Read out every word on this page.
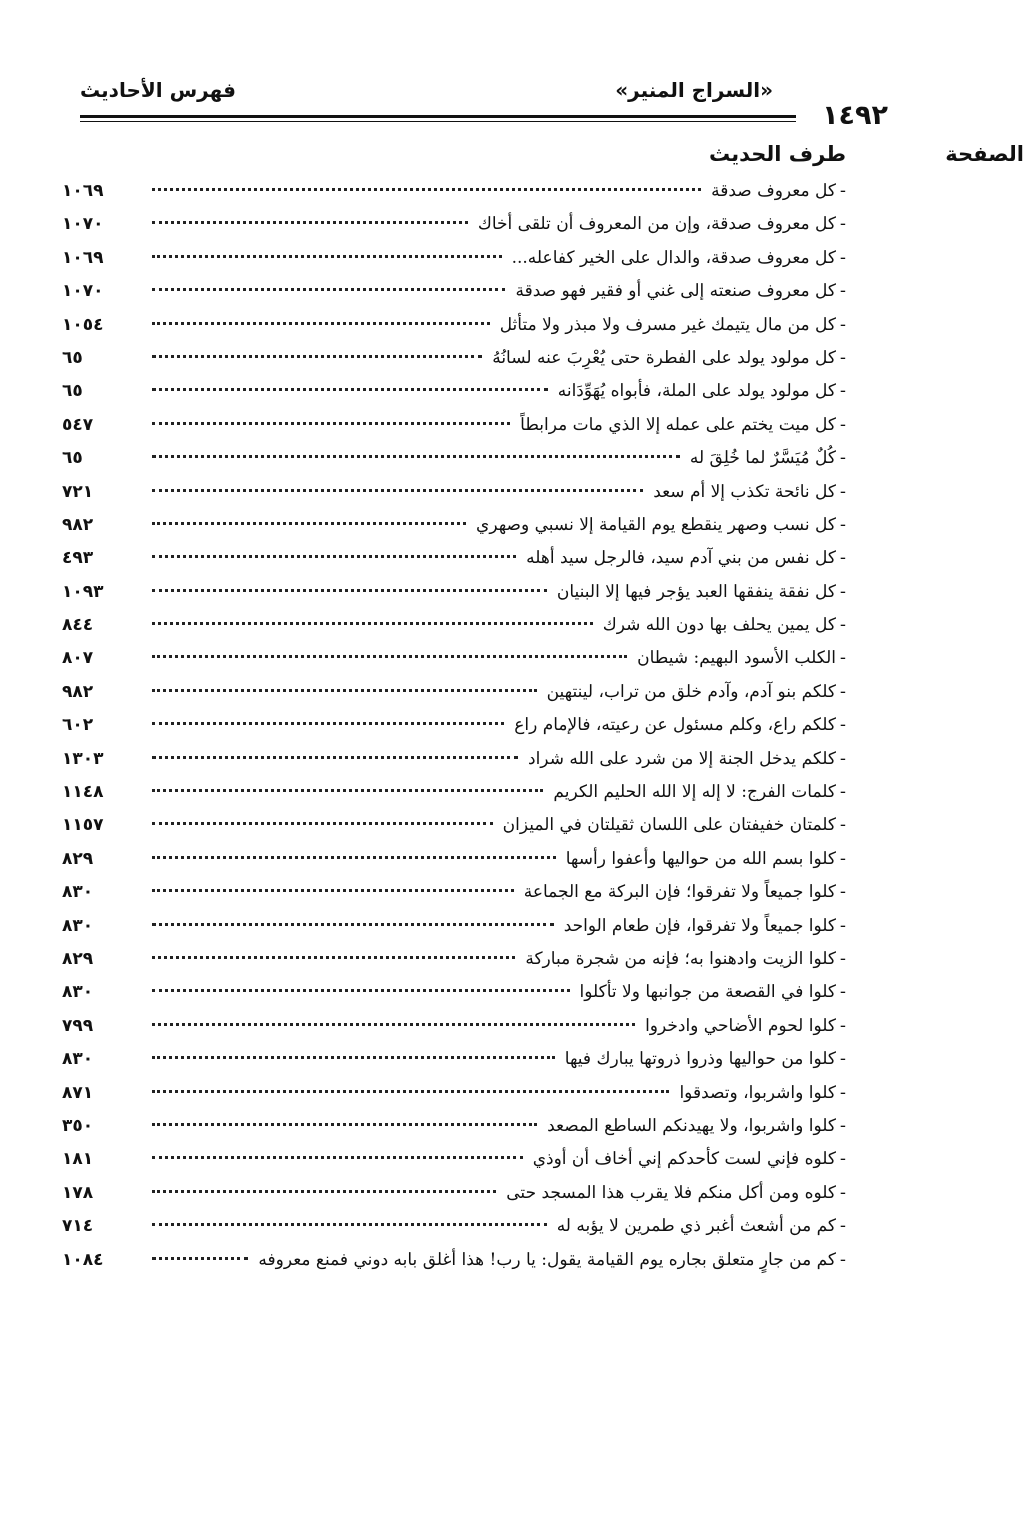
١٤٩٢
«السراج المنير»
فهرس الأحاديث
طرف الحديث	الصفحة
-
كل معروف صدقة
١٠٦٩
-
كل معروف صدقة، وإن من المعروف أن تلقى أخاك
١٠٧٠
-
كل معروف صدقة، والدال على الخير كفاعله...
١٠٦٩
-
كل معروف صنعته إلى غني أو فقير فهو صدقة
١٠٧٠
-
كل من مال يتيمك غير مسرف ولا مبذر ولا متأثل
١٠٥٤
-
كل مولود يولد على الفطرة حتى يُعْرِبَ عنه لسانُهُ
٦٥
-
كل مولود يولد على الملة، فأبواه يُهَوِّدَانه
٦٥
-
كل ميت يختم على عمله إلا الذي مات مرابطاً
٥٤٧
-
كُلٌ مُيَسَّرٌ لما خُلِقَ له
٦٥
-
كل نائحة تكذب إلا أم سعد
٧٢١
-
كل نسب وصهر ينقطع يوم القيامة إلا نسبي وصهري
٩٨٢
-
كل نفس من بني آدم سيد، فالرجل سيد أهله
٤٩٣
-
كل نفقة ينفقها العبد يؤجر فيها إلا البنيان
١٠٩٣
-
كل يمين يحلف بها دون الله شرك
٨٤٤
-
الكلب الأسود البهيم: شيطان
٨٠٧
-
كلكم بنو آدم، وآدم خلق من تراب، لينتهين
٩٨٢
-
كلكم راع، وكلم مسئول عن رعيته، فالإمام راع
٦٠٢
-
كلكم يدخل الجنة إلا من شرد على الله شراد
١٣٠٣
-
كلمات الفرج: لا إله إلا الله الحليم الكريم
١١٤٨
-
كلمتان خفيفتان على اللسان ثقيلتان في الميزان
١١٥٧
-
كلوا بسم الله من حواليها وأعفوا رأسها
٨٢٩
-
كلوا جميعاً ولا تفرقوا؛ فإن البركة مع الجماعة
٨٣٠
-
كلوا جميعاً ولا تفرقوا، فإن طعام الواحد
٨٣٠
-
كلوا الزيت وادهنوا به؛ فإنه من شجرة مباركة
٨٢٩
-
كلوا في القصعة من جوانبها ولا تأكلوا
٨٣٠
-
كلوا لحوم الأضاحي وادخروا
٧٩٩
-
كلوا من حواليها وذروا ذروتها يبارك فيها
٨٣٠
-
كلوا واشربوا، وتصدقوا
٨٧١
-
كلوا واشربوا، ولا يهيدنكم الساطع المصعد
٣٥٠
-
كلوه فإني لست كأحدكم إني أخاف أن أوذي
١٨١
-
كلوه ومن أكل منكم فلا يقرب هذا المسجد حتى
١٧٨
-
كم من أشعث أغبر ذي طمرين لا يؤبه له
٧١٤
-
كم من جارٍ متعلق بجاره يوم القيامة يقول: يا رب! هذا أغلق بابه دوني فمنع معروفه
١٠٨٤
